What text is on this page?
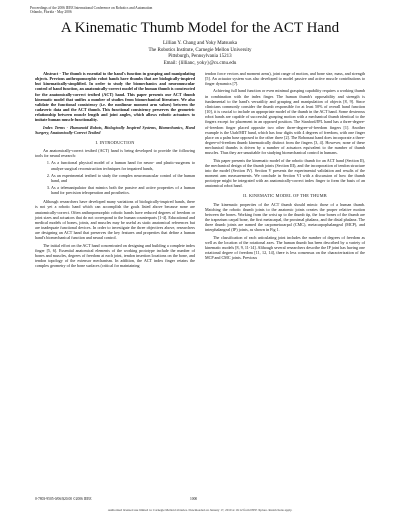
Proceedings of the 2006 IEEE International Conference on Robotics and Automation
Orlando, Florida - May 2006
A Kinematic Thumb Model for the ACT Hand
Lillian Y. Chang and Yoky Matsuoka
The Robotics Institute, Carnegie Mellon University
Pittsburgh, Pennsylvania 15213
Email: {lillianc, yoky}@cs.cmu.edu

Abstract - The thumb is essential to the hand's function in grasping and manipulating objects. Previous anthropomorphic robot hands have thumbs that are biologically-inspired but kinematically-simplified. In order to study the biomechanics and neuromuscular control of hand function, an anatomically-correct model of the human thumb is constructed for the anatomically-correct testbed (ACT) hand. This paper presents our ACT thumb kinematic model that unifies a number of studies from biomechanical literature. We also validate the functional consistency (i.e. the nonlinear moment arm values) between the cadaveric data and the ACT thumb. This functional consistency preserves the geometric relationship between muscle length and joint angles, which allows robotic actuators to imitate human muscle functionality.

Index Terms - Humanoid Robots, Biologically Inspired Systems, Biomechanics, Hand Surgery, Anatomically-Correct Testbed

I. INTRODUCTION

An anatomically-correct testbed (ACT) hand is being developed to provide the following tools for neural research:

1. As a functional physical model of a human hand for neuro- and plastic-surgeons to analyze surgical reconstruction techniques for impaired hands,
2. As an experimental testbed to study the complex neuromuscular control of the human hand, and
3. As a telemanipulator that mimics both the passive and active properties of a human hand for precision teleoperation and prosthetics.

Although researchers have developed many variations of biologically-inspired hands, there is not yet a robotic hand which can accomplish the goals listed above because none are anatomically-correct. Often anthropomorphic robotic hands have reduced degrees of freedom or joint sizes and actuators that do not correspond to the human counterparts [1-4]. Educational and medical models of bones, joints, and muscles may be useful as static anatomical references but are inadequate functional devices. In order to investigate the three objectives above, researchers are designing an ACT hand that preserves the key features and properties that define a human hand's biomechanical function and neural control.

The initial effort on the ACT hand concentrated on designing and building a complete index finger [5, 6]. Essential anatomical elements of the working prototype include the number of bones and muscles, degrees of freedom at each joint, tendon insertion locations on the bone, and tendon topology of the extensor mechanism. In addition, the ACT index finger retains the complex geometry of the bone surfaces (critical for maintaining

tendon force vectors and moment arms), joint range of motion, and bone size, mass, and strength [5]. An actuator system was also developed to model passive and active muscle contributions to finger dynamics [7].

Achieving full hand function or even minimal grasping capability requires a working thumb in combination with the index finger. The human thumb's opposability and strength is fundamental to the hand's versatility and grasping and manipulation of objects [8, 9]. Since clinicians commonly consider the thumb responsible for at least 50% of overall hand function [10], it is crucial to include an appropriate model of the thumb in the ACT hand. Some dexterous robot hands are capable of successful grasping motion with a mechanical thumb identical to the fingers except for placement in an opposed position. The Stanford/JPL hand has a three-degree-of-freedom finger placed opposite two other three-degree-of-freedom fingers [1]. Another example is the Utah/MIT hand, which has four digits with 4 degrees of freedom, with one finger place on a palm base opposed to the other three [2]. The Robonaut hand does incorporate a three-degree-of-freedom thumb kinematically distinct from the fingers [3, 4]. However, none of these mechanical thumbs is driven by a number of actuators equivalent to the number of thumb muscles. Thus they are unsuitable for studying biomechanical control in humans.

This paper presents the kinematic model of the robotic thumb for an ACT hand (Section II), the mechanical design of the thumb joints (Section III), and the incorporation of tendon structure into the model (Section IV). Section V presents the experimental validation and results of the moment arm measurements. We conclude in Section VI with a discussion of how the thumb prototype might be integrated with an anatomically-correct index finger to form the basis of an anatomical robot hand.

II. KINEMATIC MODEL OF THE THUMB

The kinematic properties of the ACT thumb should mimic those of a human thumb. Matching the robotic thumb joints to the anatomic joints creates the proper relative motion between the bones. Working from the wrist up to the thumb tip, the four bones of the thumb are the trapezium carpal bone, the first metacarpal, the proximal phalanx, and the distal phalanx. The three thumb joints are named the carpometacarpal (CMC), metacarpophalangeal (MCP), and interphalangeal (IP) joints, as shown in Fig 1.

The classification of each articulating joint includes the number of degrees of freedom as well as the location of the rotational axes. The human thumb has been described by a variety of kinematic models [8, 9, 11-14]. Although several researchers describe the IP joint has having one rotational degree of freedom [11, 12, 14], there is less consensus on the characterization of the MCP and CMC joints. Previous

0-7803-9505-0/06/$20.00 ©2006 IEEE	1000
Authorized licensed use limited to: Carnegie Mellon Libraries. Downloaded on January 17, 2010 at 16:12 from IEEE Xplore. Restrictions apply.
